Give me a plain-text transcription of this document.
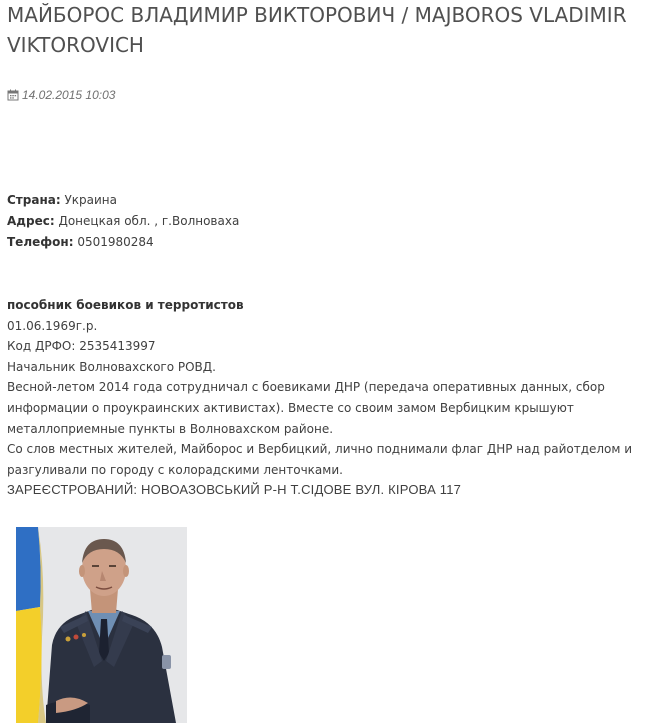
МАЙБОРОС ВЛАДИМИР ВИКТОРОВИЧ / MAJBOROS VLADIMIR VIKTOROVICH
14.02.2015 10:03
Страна: Украина
Адрес: Донецкая обл. , г.Волноваха
Телефон: 0501980284
пособник боевиков и терротистов
01.06.1969г.р.
Код ДРФО: 2535413997
Начальник Волноваxского РОВД.
Весной-летом 2014 года сотрудничал с боевиками ДНР (передача оперативных данных, сбор информации о проукраинских активистах). Вместе со своим замом Вербицким крышуют металлоприемные пункты в Волноваxском районе.
Со слов местных жителей, Майборос и Вербицкий, лично поднимали флаг ДНР над райотделом и разгуливали по городу с колорадскими ленточками.
ЗАРЕЄСТРОВАНИЙ: НОВОАЗОВСЬКИЙ Р-Н Т.СІДОВЕ ВУЛ. КІРОВА 117
